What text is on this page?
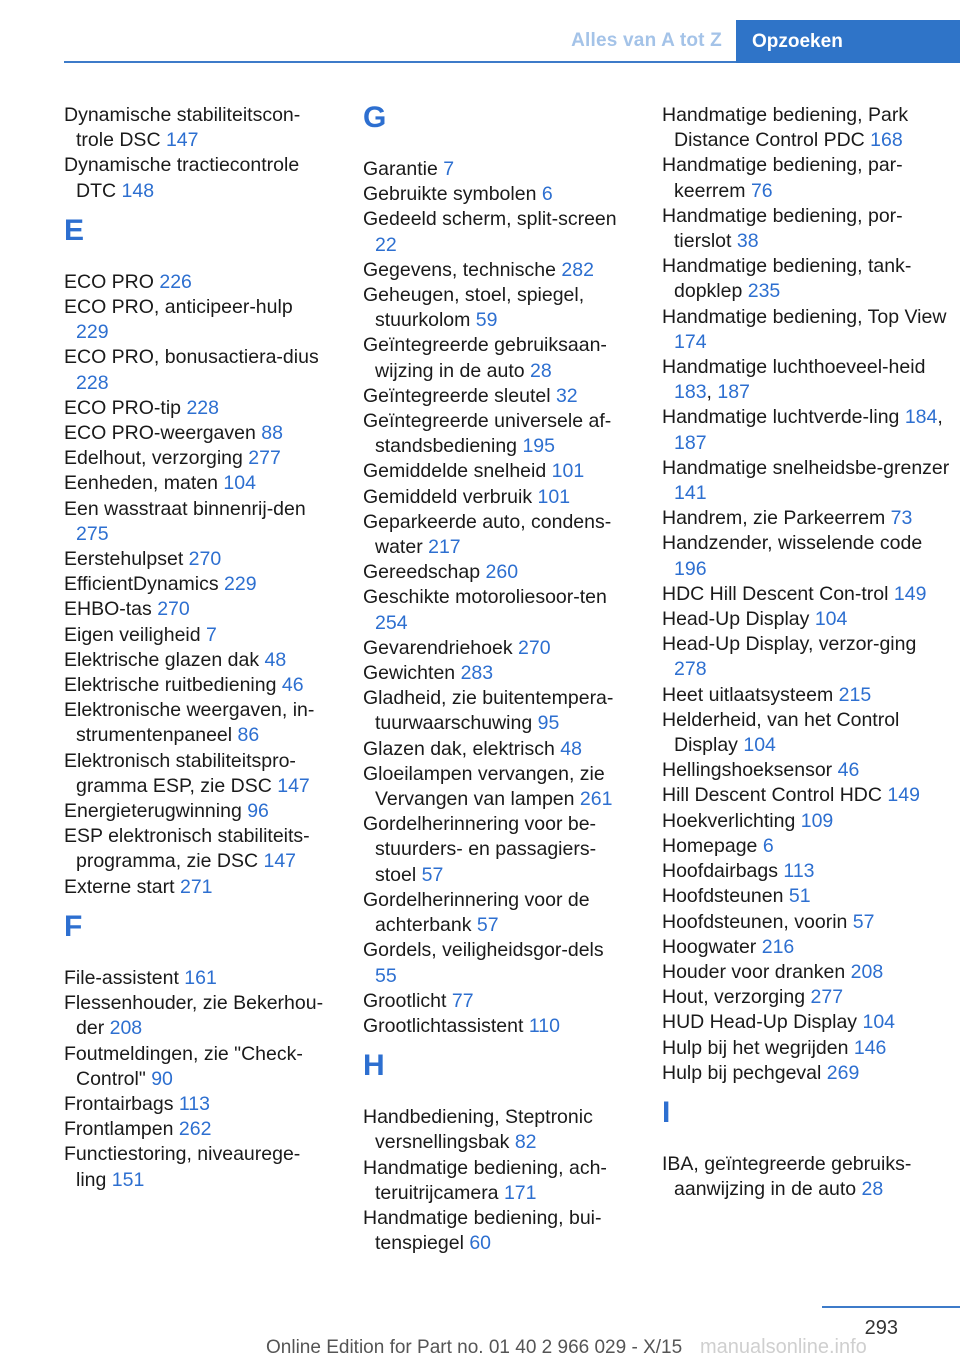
Alles van A tot Z Opzoeken
Dynamische stabiliteitscon-trole DSC 147
Dynamische tractiecontrole DTC 148
E
ECO PRO 226
ECO PRO, anticipeer-hulp 229
ECO PRO, bonusactiera-dius 228
ECO PRO-tip 228
ECO PRO-weergaven 88
Edelhout, verzorging 277
Eenheden, maten 104
Een wasstraat binnenrij-den 275
Eerstehulpset 270
EfficientDynamics 229
EHBO-tas 270
Eigen veiligheid 7
Elektrische glazen dak 48
Elektrische ruitbediening 46
Elektronische weergaven, in-strumentenpaneel 86
Elektronisch stabiliteitspro-gramma ESP, zie DSC 147
Energieterugwinning 96
ESP elektronisch stabiliteits-programma, zie DSC 147
Externe start 271
F
File-assistent 161
Flessenhouder, zie Bekerhou-der 208
Foutmeldingen, zie "Check-Control" 90
Frontairbags 113
Frontlampen 262
Functiestoring, niveaurege-ling 151
G
Garantie 7
Gebruikte symbolen 6
Gedeeld scherm, split-screen 22
Gegevens, technische 282
Geheugen, stoel, spiegel, stuurkolom 59
Geïntegreerde gebruiksaan-wijzing in de auto 28
Geïntegreerde sleutel 32
Geïntegreerde universele af-standsbediening 195
Gemiddelde snelheid 101
Gemiddeld verbruik 101
Geparkeerde auto, condens-water 217
Gereedschap 260
Geschikte motoroliesoor-ten 254
Gevarendriehoek 270
Gewichten 283
Gladheid, zie buitentempera-tuurwaarschuwing 95
Glazen dak, elektrisch 48
Gloeilampen vervangen, zie Vervangen van lampen 261
Gordelherinnering voor be-stuurders- en passagiers-stoel 57
Gordelherinnering voor de achterbank 57
Gordels, veiligheidsgor-dels 55
Grootlicht 77
Grootlichtassistent 110
H
Handbediening, Steptronic versnellingsbak 82
Handmatige bediening, ach-teruitrijcamera 171
Handmatige bediening, bui-tenspiegel 60
Handmatige bediening, Park Distance Control PDC 168
Handmatige bediening, par-keerrem 76
Handmatige bediening, por-tierslot 38
Handmatige bediening, tank-dopklep 235
Handmatige bediening, Top View 174
Handmatige luchthoeveel-heid 183, 187
Handmatige luchtverde-ling 184, 187
Handmatige snelheidsbe-grenzer 141
Handrem, zie Parkeerrem 73
Handzender, wisselende code 196
HDC Hill Descent Con-trol 149
Head-Up Display 104
Head-Up Display, verzor-ging 278
Heet uitlaatsysteem 215
Helderheid, van het Control Display 104
Hellingshoeksensor 46
Hill Descent Control HDC 149
Hoekverlichting 109
Homepage 6
Hoofdairbags 113
Hoofdsteunen 51
Hoofdsteunen, voorin 57
Hoogwater 216
Houder voor dranken 208
Hout, verzorging 277
HUD Head-Up Display 104
Hulp bij het wegrijden 146
Hulp bij pechgeval 269
I
IBA, geïntegreerde gebruiks-aanwijzing in de auto 28
293
Online Edition for Part no. 01 40 2 966 029 - X/15 manualsonline.info
